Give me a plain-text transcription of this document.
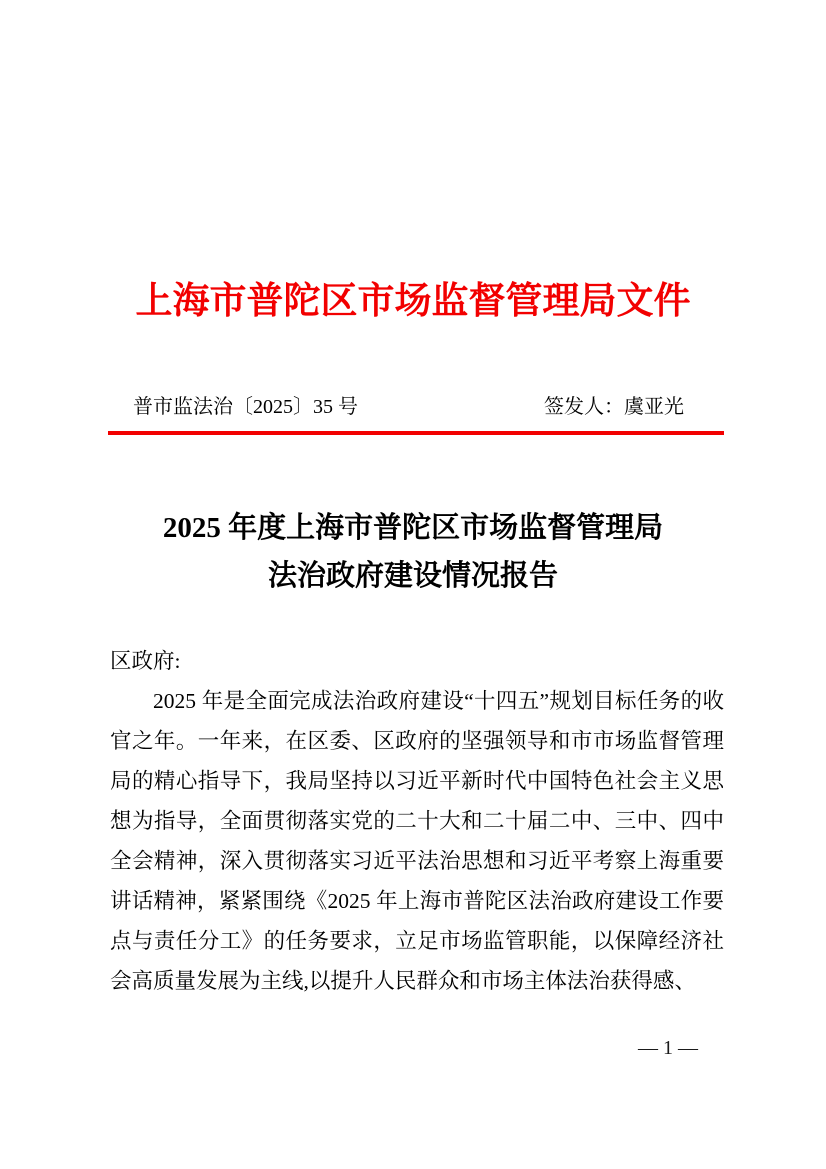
上海市普陀区市场监督管理局文件
普市监法治〔2025〕35 号	签发人：虞亚光
2025 年度上海市普陀区市场监督管理局
法治政府建设情况报告

区政府:

2025 年是全面完成法治政府建设“十四五”规划目标任务的收官之年。一年来，在区委、区政府的坚强领导和市市场监督管理局的精心指导下，我局坚持以习近平新时代中国特色社会主义思想为指导，全面贯彻落实党的二十大和二十届二中、三中、四中全会精神，深入贯彻落实习近平法治思想和习近平考察上海重要讲话精神，紧紧围绕《2025 年上海市普陀区法治政府建设工作要点与责任分工》的任务要求，立足市场监管职能，以保障经济社会高质量发展为主线,以提升人民群众和市场主体法治获得感、

— 1 —
